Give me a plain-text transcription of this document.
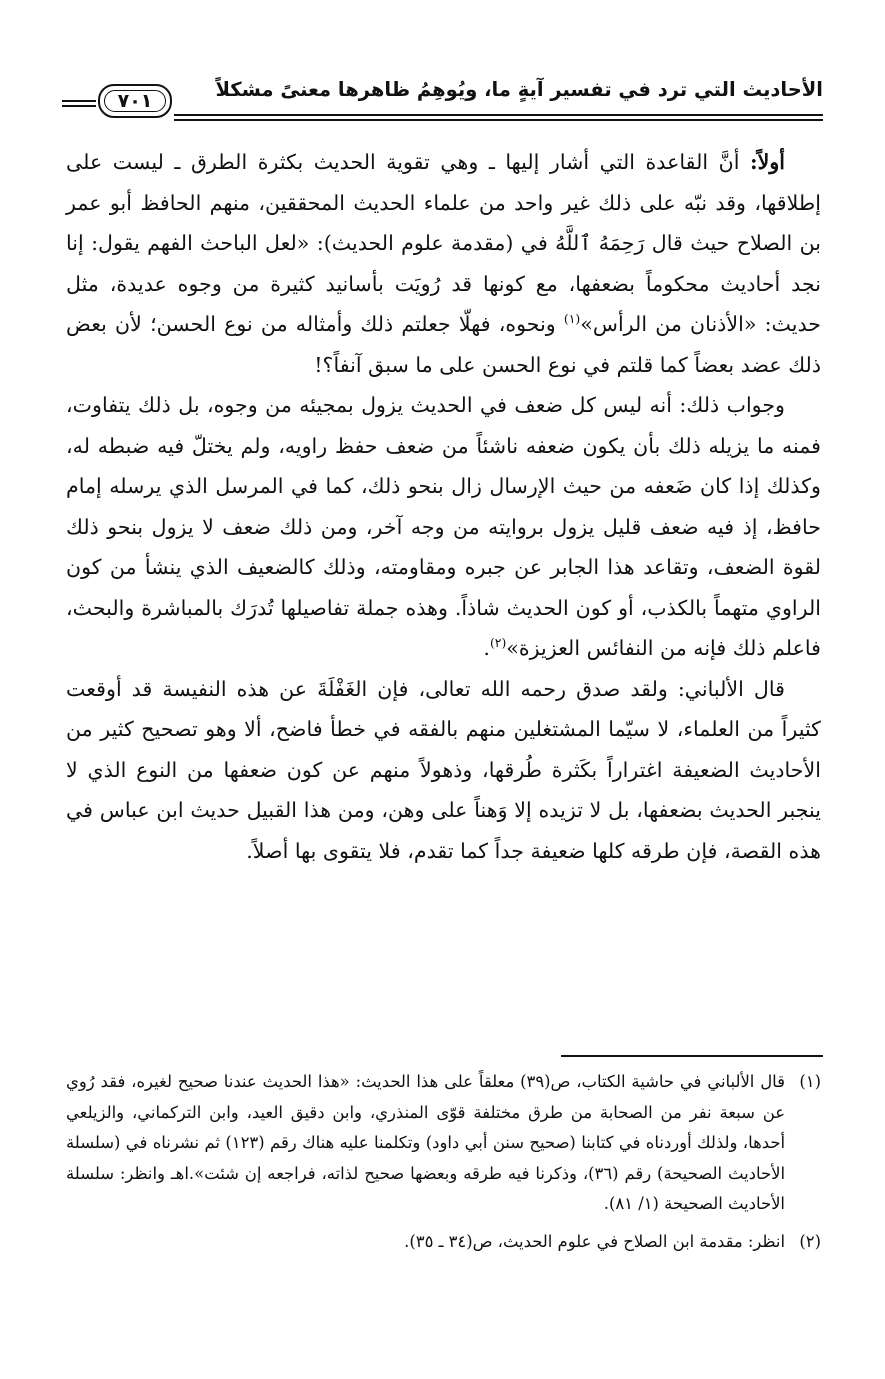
الأحاديث التي ترد في تفسير آيةٍ ما، ويُوهِمُ ظاهرها معنىً مشكلاً
٧٠١

أولاً: أنَّ القاعدة التي أشار إليها ـ وهي تقوية الحديث بكثرة الطرق ـ ليست على إطلاقها، وقد نبّه على ذلك غير واحد من علماء الحديث المحققين، منهم الحافظ أبو عمر بن الصلاح حيث قال رَحِمَهُ ٱللَّهُ في (مقدمة علوم الحديث): «لعل الباحث الفهم يقول: إنا نجد أحاديث محكوماً بضعفها، مع كونها قد رُويَت بأسانيد كثيرة من وجوه عديدة، مثل حديث: «الأذنان من الرأس»$^{(١)}$ ونحوه، فهلّا جعلتم ذلك وأمثاله من نوع الحسن؛ لأن بعض ذلك عضد بعضاً كما قلتم في نوع الحسن على ما سبق آنفاً؟!

وجواب ذلك: أنه ليس كل ضعف في الحديث يزول بمجيئه من وجوه، بل ذلك يتفاوت، فمنه ما يزيله ذلك بأن يكون ضعفه ناشئاً من ضعف حفظ راويه، ولم يختلّ فيه ضبطه له، وكذلك إذا كان ضَعفه من حيث الإرسال زال بنحو ذلك، كما في المرسل الذي يرسله إمام حافظ، إذ فيه ضعف قليل يزول بروايته من وجه آخر، ومن ذلك ضعف لا يزول بنحو ذلك لقوة الضعف، وتقاعد هذا الجابر عن جبره ومقاومته، وذلك كالضعيف الذي ينشأ من كون الراوي متهماً بالكذب، أو كون الحديث شاذاً. وهذه جملة تفاصيلها تُدرَك بالمباشرة والبحث، فاعلم ذلك فإنه من النفائس العزيزة»$^{(٢)}$.

قال الألباني: ولقد صدق رحمه الله تعالى، فإن الغَفْلَةَ عن هذه النفيسة قد أوقعت كثيراً من العلماء، لا سيّما المشتغلين منهم بالفقه في خطأ فاضح، ألا وهو تصحيح كثير من الأحاديث الضعيفة اغتراراً بكَثرة طُرقها، وذهولاً منهم عن كون ضعفها من النوع الذي لا ينجبر الحديث بضعفها، بل لا تزيده إلا وَهناً على وهن، ومن هذا القبيل حديث ابن عباس في هذه القصة، فإن طرقه كلها ضعيفة جداً كما تقدم، فلا يتقوى بها أصلاً.

(١)
قال الألباني في حاشية الكتاب، ص(٣٩) معلقاً على هذا الحديث: «هذا الحديث عندنا صحيح لغيره، فقد رُوي عن سبعة نفر من الصحابة من طرق مختلفة قوّى المنذري، وابن دقيق العيد، وابن التركماني، والزيلعي أحدها، ولذلك أوردناه في كتابنا (صحيح سنن أبي داود) وتكلمنا عليه هناك رقم (١٢٣) ثم نشرناه في (سلسلة الأحاديث الصحيحة) رقم (٣٦)، وذكرنا فيه طرقه وبعضها صحيح لذاته، فراجعه إن شئت».اهـ وانظر: سلسلة الأحاديث الصحيحة (١/ ٨١).
(٢)
انظر: مقدمة ابن الصلاح في علوم الحديث، ص(٣٤ ـ ٣٥).
